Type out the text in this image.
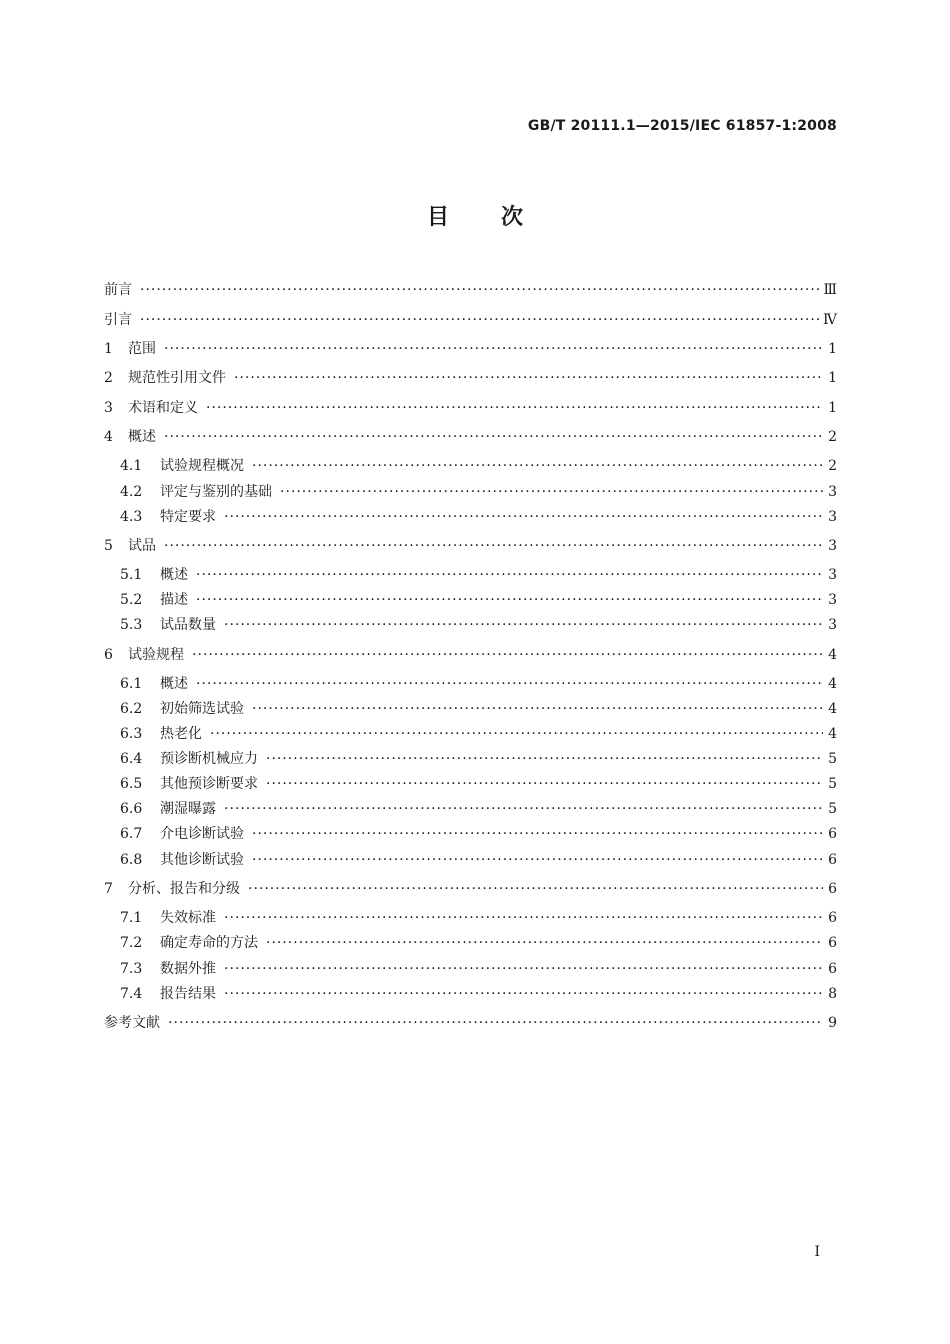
GB/T 20111.1—2015/IEC 61857-1:2008
目 次
前言 ·····	Ⅲ
引言 ·····	Ⅳ
1	范围 ·····	1
2	规范性引用文件 ·····	1
3	术语和定义 ·····	1
4	概述 ·····	2
4.1	试验规程概况 ·····	2
4.2	评定与鉴别的基础 ·····	3
4.3	特定要求 ·····	3
5	试品 ·····	3
5.1	概述 ·····	3
5.2	描述 ·····	3
5.3	试品数量 ·····	3
6	试验规程 ·····	4
6.1	概述 ·····	4
6.2	初始筛选试验 ·····	4
6.3	热老化 ·····	4
6.4	预诊断机械应力 ·····	5
6.5	其他预诊断要求 ·····	5
6.6	潮湿曝露 ·····	5
6.7	介电诊断试验 ·····	6
6.8	其他诊断试验 ·····	6
7	分析、报告和分级 ·····	6
7.1	失效标准 ·····	6
7.2	确定寿命的方法 ·····	6
7.3	数据外推 ·····	6
7.4	报告结果 ·····	8
参考文献 ·····	9
I
